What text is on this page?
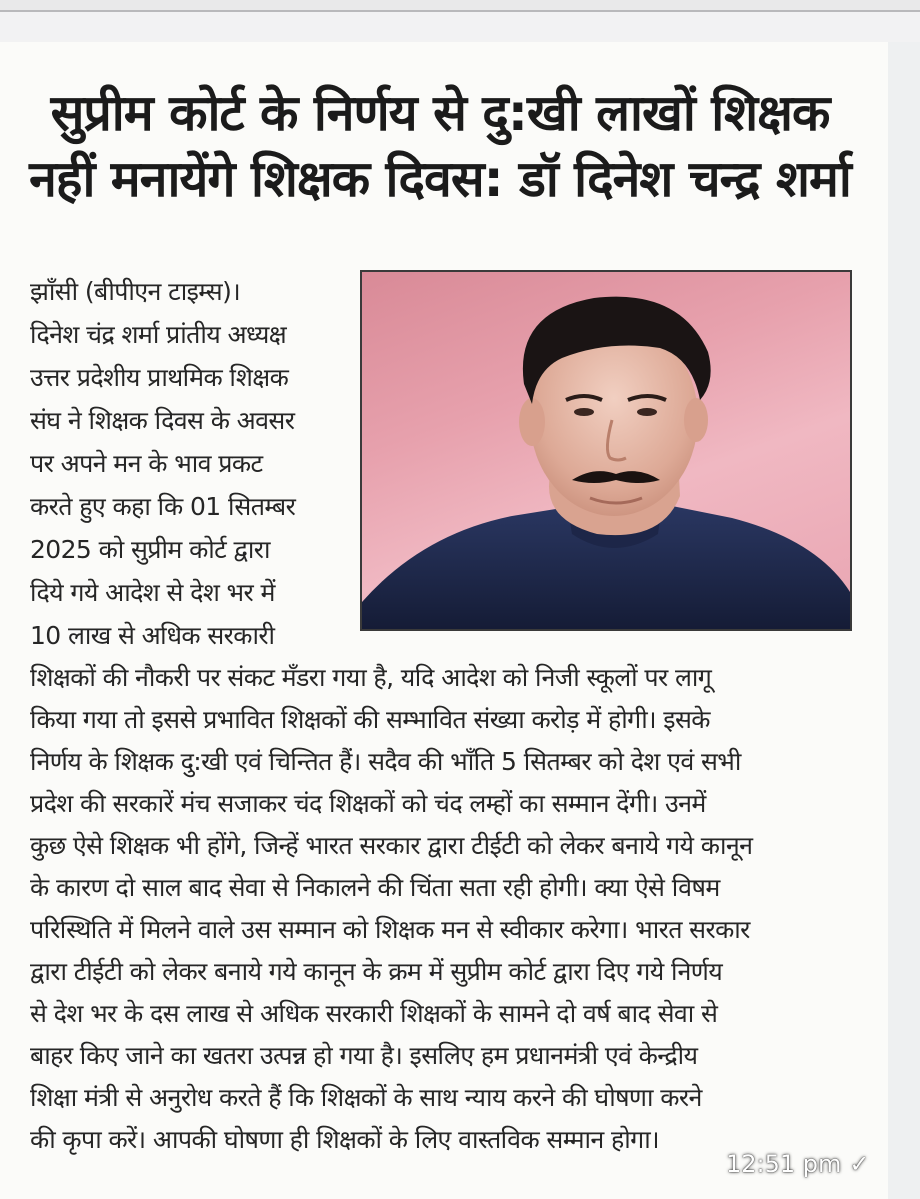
सुप्रीम कोर्ट के निर्णय से दु:खी लाखों शिक्षक
नहीं मनायेंगे शिक्षक दिवस: डॉ दिनेश चन्द्र शर्मा
झाँसी (बीपीएन टाइम्स)।
दिनेश चंद्र शर्मा प्रांतीय अध्यक्ष
उत्तर प्रदेशीय प्राथमिक शिक्षक
संघ ने शिक्षक दिवस के अवसर
पर अपने मन के भाव प्रकट
करते हुए कहा कि 01 सितम्बर
2025 को सुप्रीम कोर्ट द्वारा
दिये गये आदेश से देश भर में
10 लाख से अधिक सरकारी
शिक्षकों की नौकरी पर संकट मँडरा गया है, यदि आदेश को निजी स्कूलों पर लागू
किया गया तो इससे प्रभावित शिक्षकों की सम्भावित संख्या करोड़ में होगी। इसके
निर्णय के शिक्षक दु:खी एवं चिन्तित हैं। सदैव की भाँति 5 सितम्बर को देश एवं सभी
प्रदेश की सरकारें मंच सजाकर चंद शिक्षकों को चंद लम्हों का सम्मान देंगी। उनमें
कुछ ऐसे शिक्षक भी होंगे, जिन्हें भारत सरकार द्वारा टीईटी को लेकर बनाये गये कानून
के कारण दो साल बाद सेवा से निकालने की चिंता सता रही होगी। क्या ऐसे विषम
परिस्थिति में मिलने वाले उस सम्मान को शिक्षक मन से स्वीकार करेगा। भारत सरकार
द्वारा टीईटी को लेकर बनाये गये कानून के क्रम में सुप्रीम कोर्ट द्वारा दिए गये निर्णय
से देश भर के दस लाख से अधिक सरकारी शिक्षकों के सामने दो वर्ष बाद सेवा से
बाहर किए जाने का खतरा उत्पन्न हो गया है। इसलिए हम प्रधानमंत्री एवं केन्द्रीय
शिक्षा मंत्री से अनुरोध करते हैं कि शिक्षकों के साथ न्याय करने की घोषणा करने
की कृपा करें। आपकी घोषणा ही शिक्षकों के लिए वास्तविक सम्मान होगा।
12:51 pm ✓
